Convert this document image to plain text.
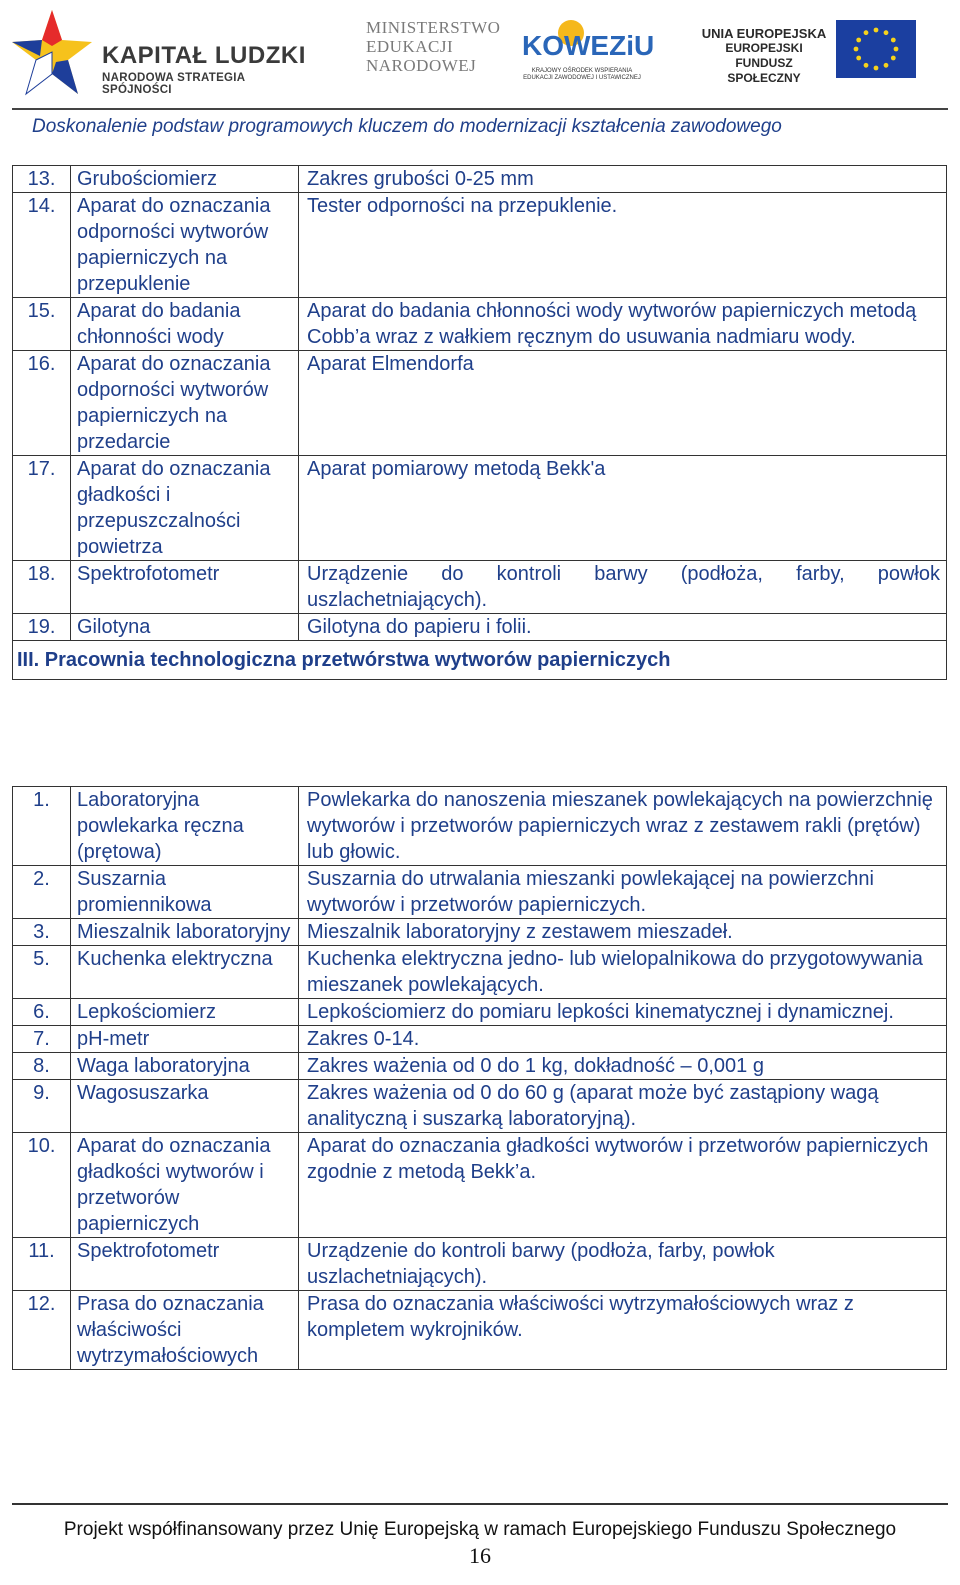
KAPITAŁ LUDZKI
NARODOWA STRATEGIA SPÓJNOŚCI
MINISTERSTWO
EDUKACJI
NARODOWEJ
KOWEZiU
KRAJOWY OŚRODEK WSPIERANIA
EDUKACJI ZAWODOWEJ I USTAWICZNEJ
UNIA EUROPEJSKA
EUROPEJSKI
FUNDUSZ SPOŁECZNY
Doskonalenie podstaw programowych kluczem do modernizacji kształcenia zawodowego
13.	Grubościomierz	Zakres grubości 0-25 mm
14.	Aparat do oznaczania odporności wytworów papierniczych na przepuklenie	Tester odporności na przepuklenie.
15.	Aparat do badania chłonności wody	Aparat do badania chłonności wody wytworów papierniczych metodą Cobb’a wraz z wałkiem ręcznym do usuwania nadmiaru wody.
16.	Aparat do oznaczania odporności wytworów papierniczych na przedarcie	Aparat Elmendorfa
17.	Aparat do oznaczania gładkości i przepuszczalności powietrza	Aparat pomiarowy metodą Bekk'a
18.	Spektrofotometr	Urządzenie do kontroli barwy (podłoża, farby, powłok uszlachetniających).
19.	Gilotyna	Gilotyna do papieru i folii.
III. Pracownia technologiczna przetwórstwa wytworów papierniczych		
1.	Laboratoryjna powlekarka ręczna (prętowa)	Powlekarka do nanoszenia mieszanek powlekających na powierzchnię wytworów i przetworów papierniczych wraz z zestawem rakli (prętów) lub głowic.
2.	Suszarnia promiennikowa	Suszarnia do utrwalania mieszanki powlekającej na powierzchni wytworów i przetworów papierniczych.
3.	Mieszalnik laboratoryjny	Mieszalnik laboratoryjny z zestawem mieszadeł.
5.	Kuchenka elektryczna	Kuchenka elektryczna jedno- lub wielopalnikowa do przygotowywania mieszanek powlekających.
6.	Lepkościomierz	Lepkościomierz do pomiaru lepkości kinematycznej i dynamicznej.
7.	pH-metr	Zakres 0-14.
8.	Waga laboratoryjna	Zakres ważenia od 0 do 1 kg, dokładność – 0,001 g
9.	Wagosuszarka	Zakres ważenia od 0 do 60 g (aparat może być zastąpiony wagą analityczną i suszarką laboratoryjną).
10.	Aparat do oznaczania gładkości wytworów i przetworów papierniczych	Aparat do oznaczania gładkości wytworów i przetworów papierniczych zgodnie z metodą Bekk’a.
11.	Spektrofotometr	Urządzenie do kontroli barwy (podłoża, farby, powłok uszlachetniających).
12.	Prasa do oznaczania właściwości wytrzymałościowych	Prasa do oznaczania właściwości wytrzymałościowych wraz z kompletem wykrojników.
Projekt współfinansowany przez Unię Europejską w ramach Europejskiego Funduszu Społecznego
16
